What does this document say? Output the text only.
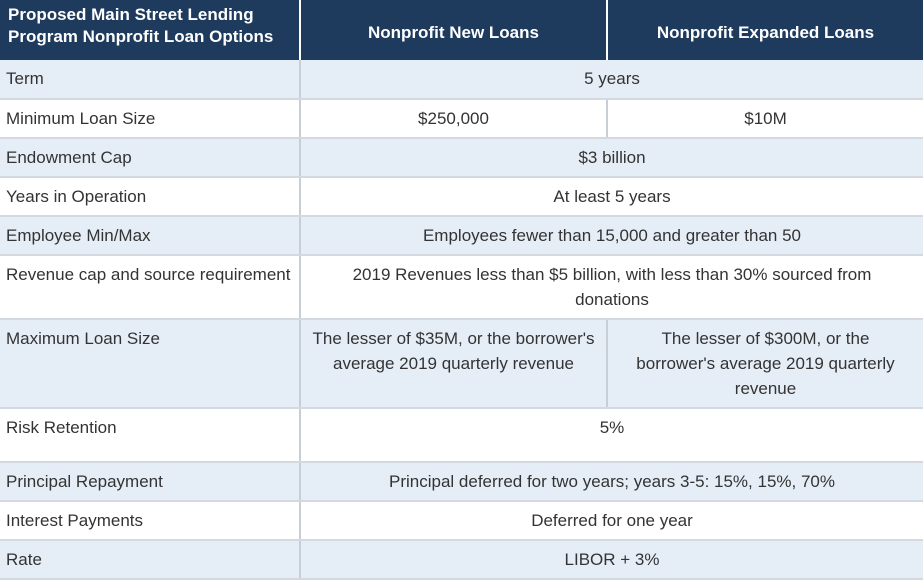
Proposed Main Street Lending Program Nonprofit Loan Options	Nonprofit New Loans	Nonprofit Expanded Loans
Term	5 years	
Minimum Loan Size	$250,000	$10M
Endowment Cap	$3 billion	
Years in Operation	At least 5 years	
Employee Min/Max	Employees fewer than 15,000 and greater than 50	
Revenue cap and source requirement	2019 Revenues less than $5 billion, with less than 30% sourced from donations	
Maximum Loan Size	The lesser of $35M, or the borrower's average 2019 quarterly revenue	The lesser of $300M, or the borrower's average 2019 quarterly revenue
Risk Retention	5%	
Principal Repayment	Principal deferred for two years; years 3-5: 15%, 15%, 70%	
Interest Payments	Deferred for one year	
Rate	LIBOR + 3%	
